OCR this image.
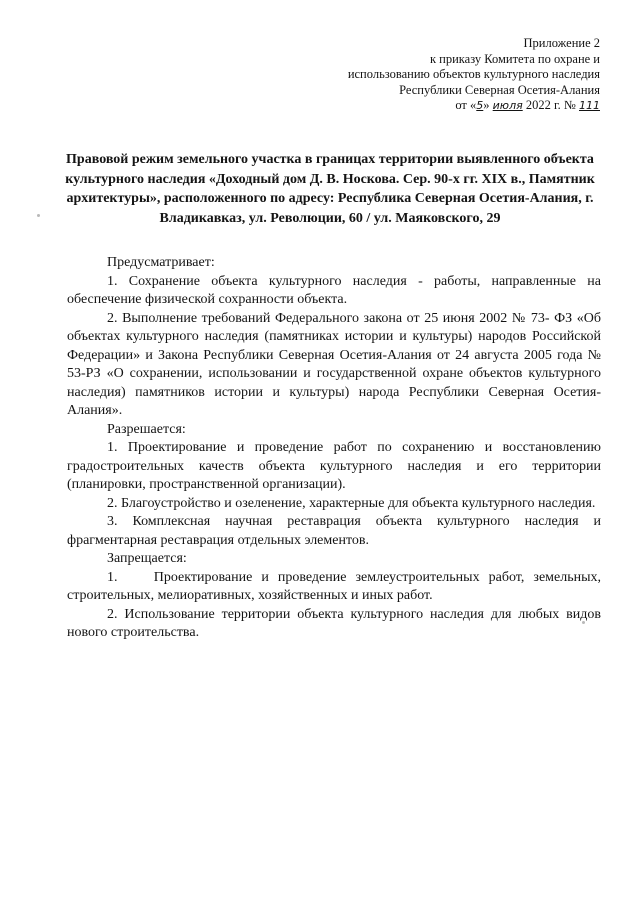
Приложение 2
к приказу Комитета по охране и
использованию объектов культурного наследия
Республики Северная Осетия-Алания
от «5» июля 2022 г. № 111
Правовой режим земельного участка в границах территории выявленного объекта культурного наследия «Доходный дом Д. В. Носкова. Сер. 90-х гг. XIX в., Памятник архитектуры», расположенного по адресу: Республика Северная Осетия-Алания, г. Владикавказ, ул. Революции, 60 / ул. Маяковского, 29

Предусматривает:

1. Сохранение объекта культурного наследия - работы, направленные на обеспечение физической сохранности объекта.

2. Выполнение требований Федерального закона от 25 июня 2002 № 73- ФЗ «Об объектах культурного наследия (памятниках истории и культуры) народов Российской Федерации» и Закона Республики Северная Осетия-Алания от 24 августа 2005 года № 53-РЗ «О сохранении, использовании и государственной охране объектов культурного наследия) памятников истории и культуры) народа Республики Северная Осетия-Алания».

Разрешается:

1. Проектирование и проведение работ по сохранению и восстановлению градостроительных качеств объекта культурного наследия и его территории (планировки, пространственной организации).

2. Благоустройство и озеленение, характерные для объекта культурного наследия.

3. Комплексная научная реставрация объекта культурного наследия и фрагментарная реставрация отдельных элементов.

Запрещается:

1.    Проектирование и проведение землеустроительных работ, земельных, строительных, мелиоративных, хозяйственных и иных работ.

2. Использование территории объекта культурного наследия для любых видов нового строительства.
